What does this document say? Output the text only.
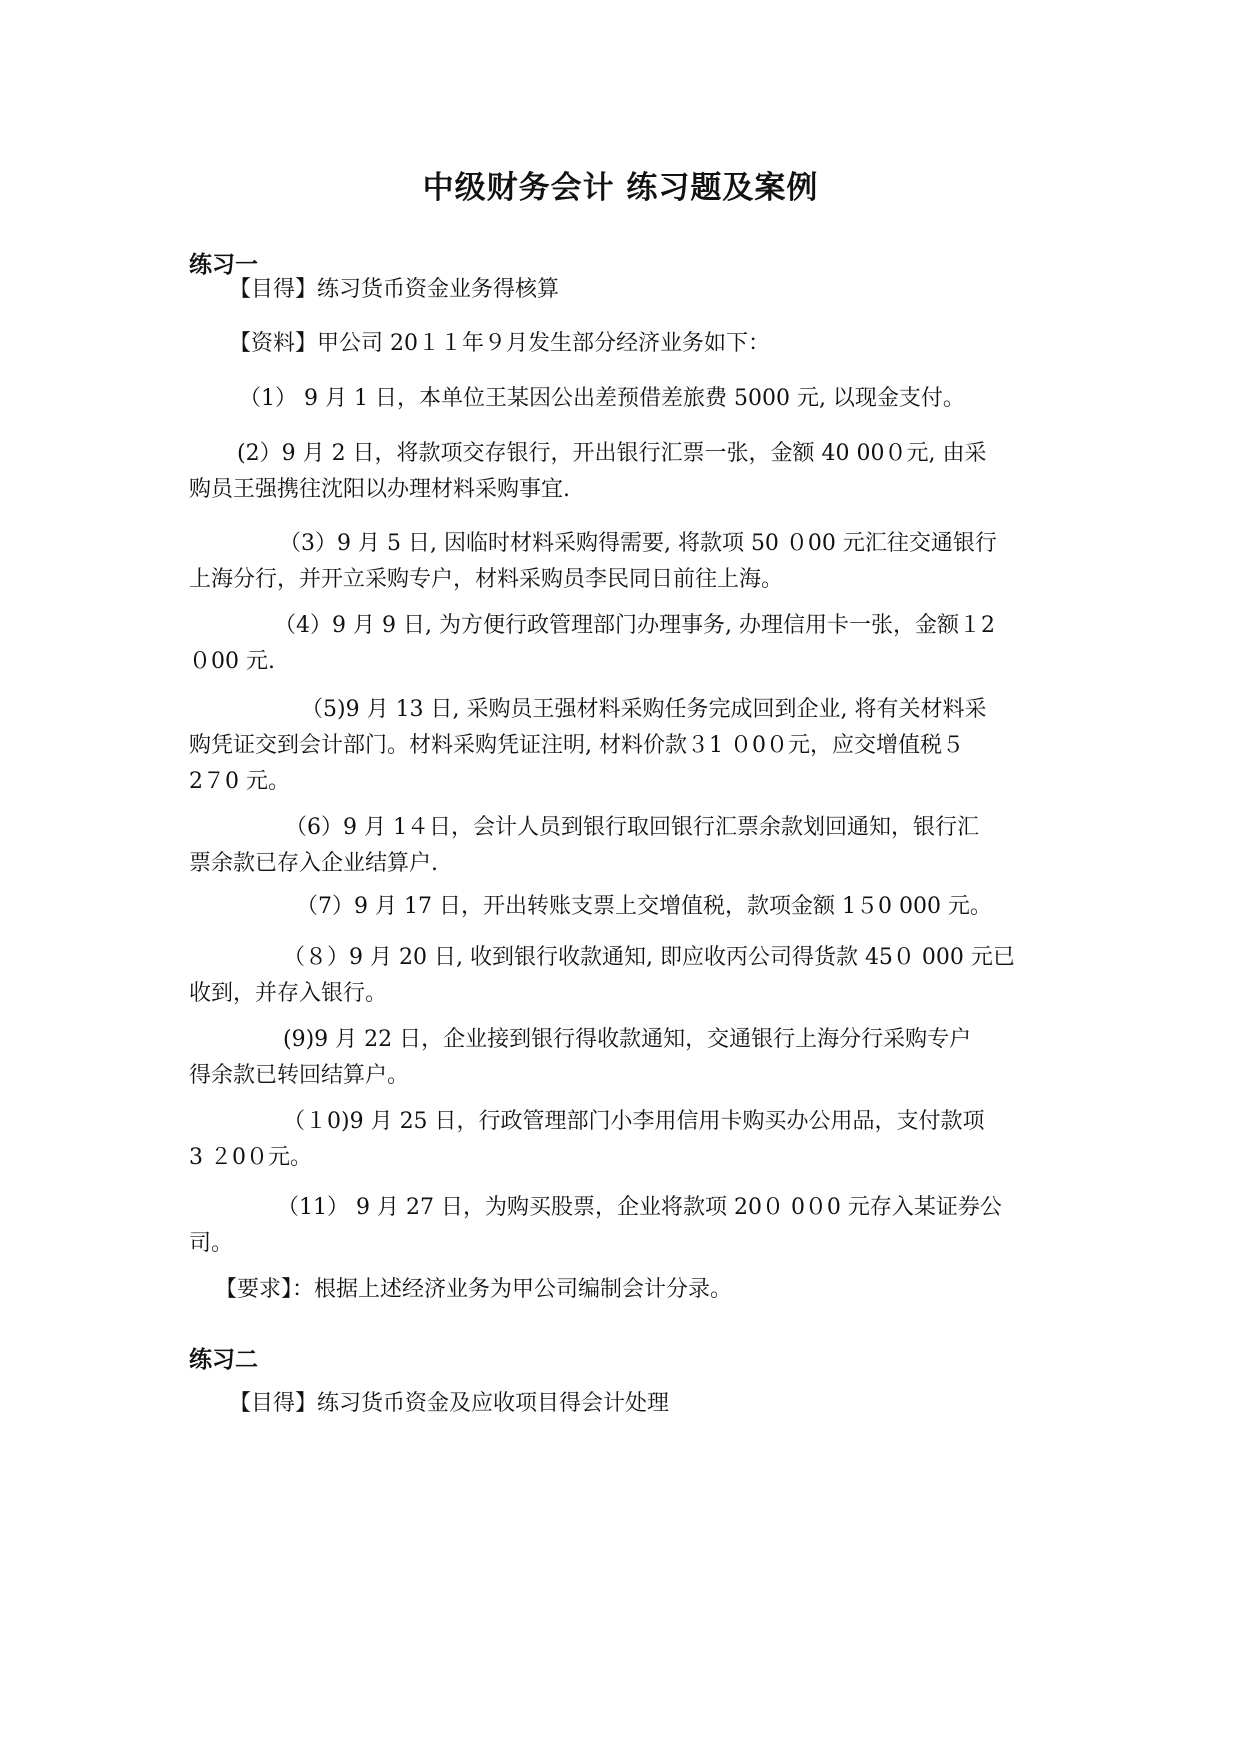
中级财务会计 练习题及案例
练习一

【目得】练习货币资金业务得核算

【资料】甲公司 20１１年９月发生部分经济业务如下：

（1） 9 月 1 日，本单位王某因公出差预借差旅费 5000 元, 以现金支付。

(2）9 月 2 日，将款项交存银行，开出银行汇票一张，金额 40 00０元, 由采
购员王强携往沈阳以办理材料采购事宜.

（3）9 月 5 日, 因临时材料采购得需要, 将款项 50 ０00 元汇往交通银行
上海分行，并开立采购专户，材料采购员李民同日前往上海。

（4）9 月 9 日, 为方便行政管理部门办理事务, 办理信用卡一张，金额１2
０00 元.

（5)9 月 13 日, 采购员王强材料采购任务完成回到企业, 将有关材料采
购凭证交到会计部门。材料采购凭证注明, 材料价款３1 ０0０元，应交增值税５
2７0 元。

（6）9 月 1４日，会计人员到银行取回银行汇票余款划回通知，银行汇
票余款已存入企业结算户.

（7）9 月 17 日，开出转账支票上交增值税，款项金额 1５0 000 元。

（８）9 月 20 日, 收到银行收款通知, 即应收丙公司得货款 45０ 000 元已
收到，并存入银行。

(9)9 月 22 日，企业接到银行得收款通知，交通银行上海分行采购专户
得余款已转回结算户。

（１0)9 月 25 日，行政管理部门小李用信用卡购买办公用品，支付款项
3 ２0０元。

（11） 9 月 27 日，为购买股票，企业将款项 20０ 0０0 元存入某证券公
司。

【要求】：根据上述经济业务为甲公司编制会计分录。

练习二

【目得】练习货币资金及应收项目得会计处理
